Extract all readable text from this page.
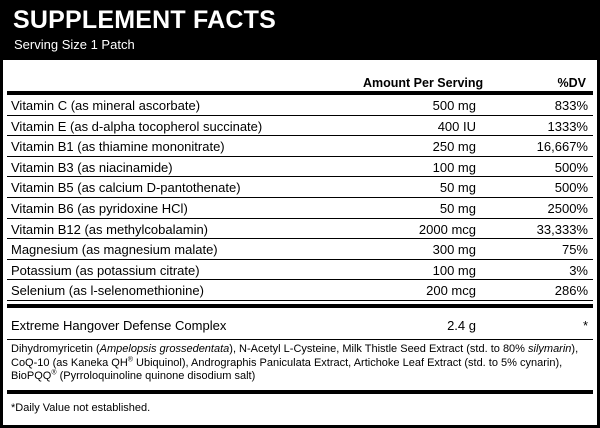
SUPPLEMENT FACTS
Serving Size 1 Patch
Amount Per Serving	%DV
Vitamin C (as mineral ascorbate)	500 mg	833%
Vitamin E (as d-alpha tocopherol succinate)	400 IU	1333%
Vitamin B1 (as thiamine mononitrate)	250 mg	16,667%
Vitamin B3 (as niacinamide)	100 mg	500%
Vitamin B5 (as calcium D-pantothenate)	50 mg	500%
Vitamin B6 (as pyridoxine HCl)	50 mg	2500%
Vitamin B12 (as methylcobalamin)	2000 mcg	33,333%
Magnesium (as magnesium malate)	300 mg	75%
Potassium (as potassium citrate)	100 mg	3%
Selenium (as l-selenomethionine)	200 mcg	286%
Extreme Hangover Defense Complex	2.4 g	*
Dihydromyricetin (Ampelopsis grossedentata), N-Acetyl L-Cysteine, Milk Thistle Seed Extract (std. to 80% silymarin), CoQ-10 (as Kaneka QH® Ubiquinol), Andrographis Paniculata Extract, Artichoke Leaf Extract (std. to 5% cynarin), BioPQQ® (Pyrroloquinoline quinone disodium salt)
*Daily Value not established.
